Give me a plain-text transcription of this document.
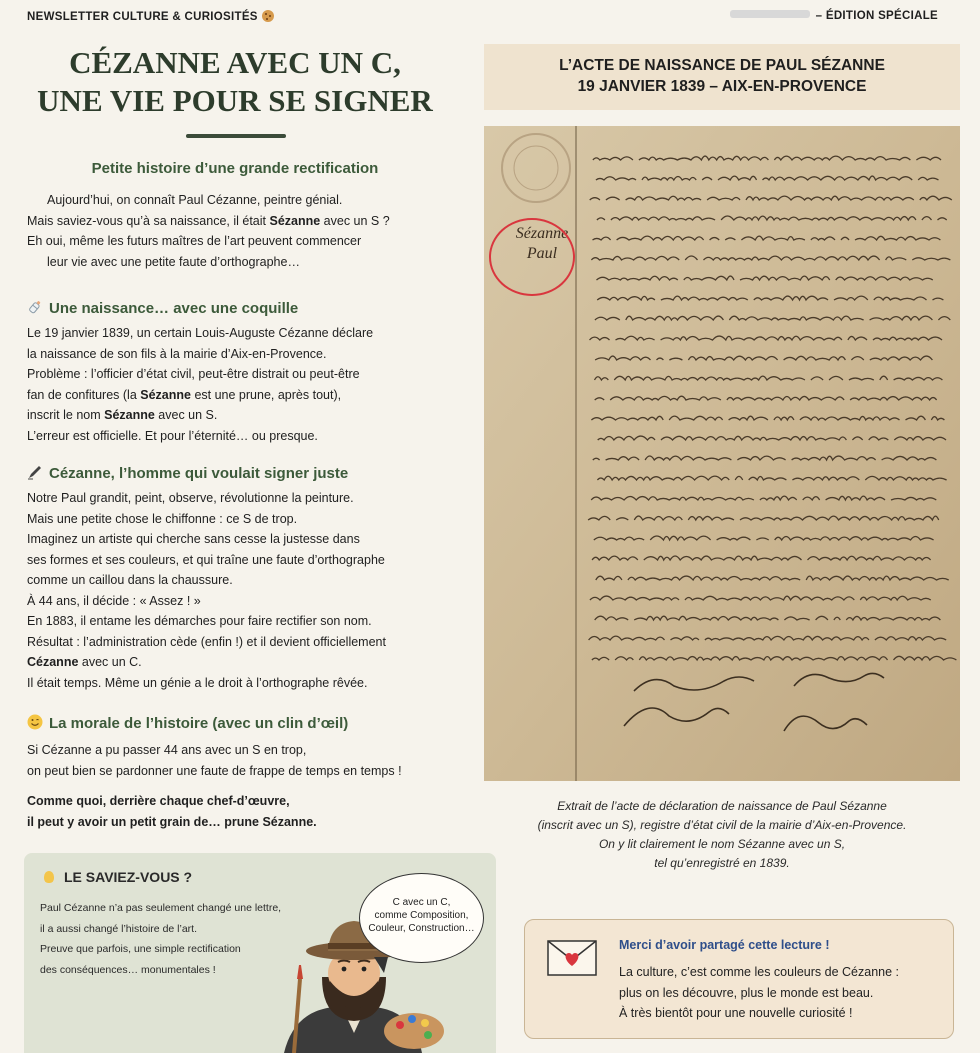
NEWSLETTER CULTURE & CURIOSITÉS	– ÉDITION SPÉCIALE
CÉZANNE AVEC UN C,
UNE VIE POUR SE SIGNER
Petite histoire d’une grande rectification

Aujourd’hui, on connaît Paul Cézanne, peintre génial.

Mais saviez-vous qu’à sa naissance, il était Sézanne avec un S ?

Eh oui, même les futurs maîtres de l’art peuvent commencer

leur vie avec une petite faute d’orthographe…

Une naissance… avec une coquille

Le 19 janvier 1839, un certain Louis-Auguste Cézanne déclare

la naissance de son fils à la mairie d’Aix-en-Provence.

Problème : l’officier d’état civil, peut-être distrait ou peut-être

fan de confitures (la Sézanne est une prune, après tout),

inscrit le nom Sézanne avec un S.

L’erreur est officielle. Et pour l’éternité… ou presque.

Cézanne, l’homme qui voulait signer juste

Notre Paul grandit, peint, observe, révolutionne la peinture.

Mais une petite chose le chiffonne : ce S de trop.

Imaginez un artiste qui cherche sans cesse la justesse dans

ses formes et ses couleurs, et qui traîne une faute d’orthographe

comme un caillou dans la chaussure.

À 44 ans, il décide : « Assez ! »

En 1883, il entame les démarches pour faire rectifier son nom.

Résultat : l’administration cède (enfin !) et il devient officiellement

Cézanne avec un C.

Il était temps. Même un génie a le droit à l’orthographe rêvée.

La morale de l’histoire (avec un clin d’œil)

Si Cézanne a pu passer 44 ans avec un S en trop,

on peut bien se pardonner une faute de frappe de temps en temps !

Comme quoi, derrière chaque chef-d’œuvre,

il peut y avoir un petit grain de… prune Sézanne.

LE SAVIEZ-VOUS ?
Paul Cézanne n’a pas seulement changé une lettre,
il a aussi changé l’histoire de l’art.
Preuve que parfois, une simple rectification
des conséquences… monumentales !
C avec un C,
comme Composition,
Couleur, Construction…
L’ACTE DE NAISSANCE DE PAUL SÉZANNE
19 JANVIER 1839 – AIX-EN-PROVENCE
Sézanne
Paul
Extrait de l’acte de déclaration de naissance de Paul Sézanne
(inscrit avec un S), registre d’état civil de la mairie d’Aix-en-Provence.
On y lit clairement le nom Sézanne avec un S,
tel qu’enregistré en 1839.
Merci d’avoir partagé cette lecture !
La culture, c’est comme les couleurs de Cézanne :
plus on les découvre, plus le monde est beau.
À très bientôt pour une nouvelle curiosité !
